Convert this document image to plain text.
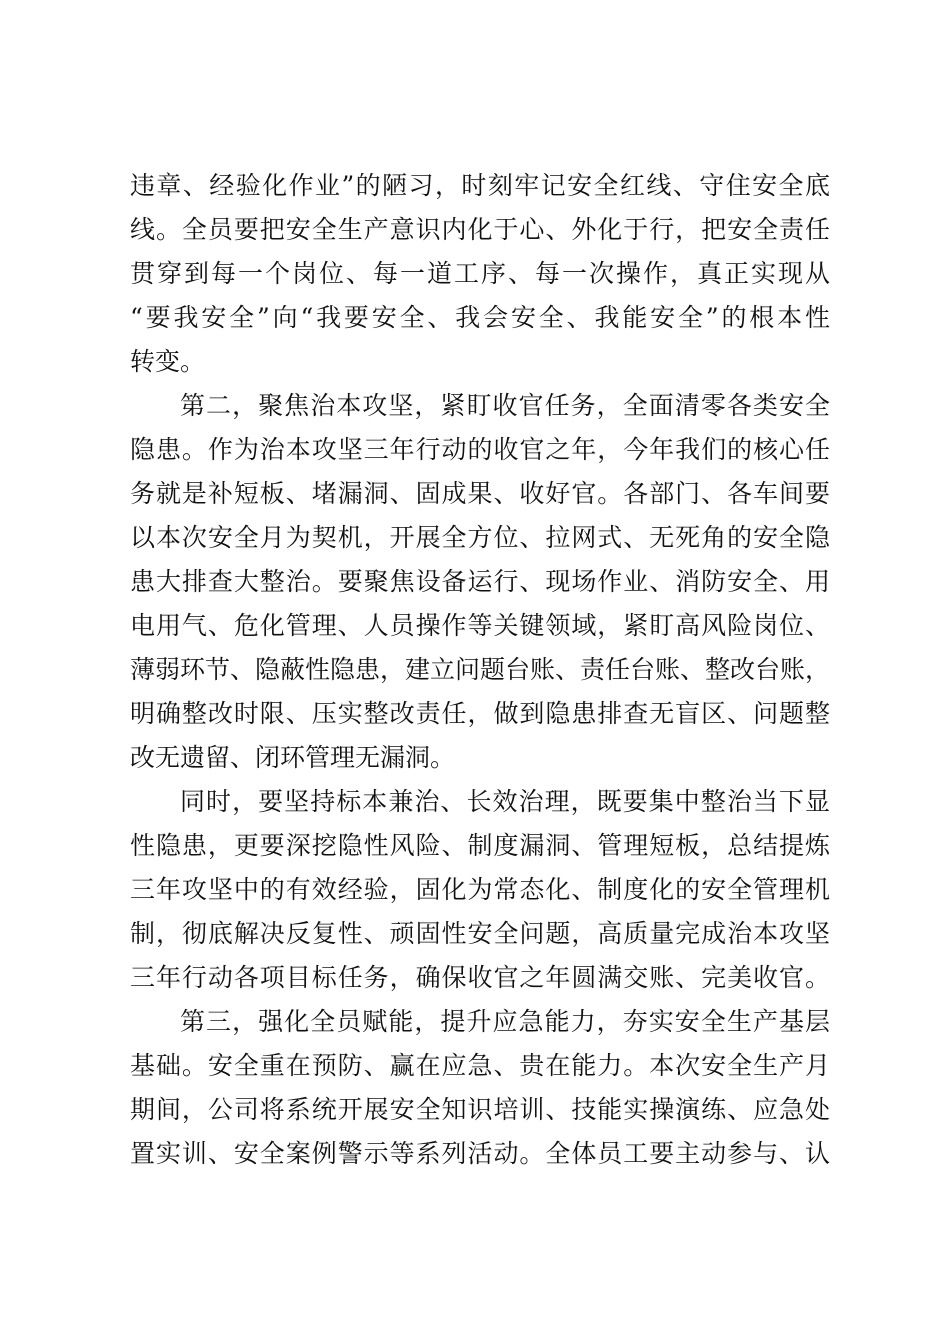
违章、经验化作业”的陋习，时刻牢记安全红线、守住安全底
线。全员要把安全生产意识内化于心、外化于行，把安全责任
贯穿到每一个岗位、每一道工序、每一次操作，真正实现从
“要我安全”向“我要安全、我会安全、我能安全”的根本性
转变。
第二，聚焦治本攻坚，紧盯收官任务，全面清零各类安全
隐患。作为治本攻坚三年行动的收官之年，今年我们的核心任
务就是补短板、堵漏洞、固成果、收好官。各部门、各车间要
以本次安全月为契机，开展全方位、拉网式、无死角的安全隐
患大排查大整治。要聚焦设备运行、现场作业、消防安全、用
电用气、危化管理、人员操作等关键领域，紧盯高风险岗位、
薄弱环节、隐蔽性隐患，建立问题台账、责任台账、整改台账，
明确整改时限、压实整改责任，做到隐患排查无盲区、问题整
改无遗留、闭环管理无漏洞。
同时，要坚持标本兼治、长效治理，既要集中整治当下显
性隐患，更要深挖隐性风险、制度漏洞、管理短板，总结提炼
三年攻坚中的有效经验，固化为常态化、制度化的安全管理机
制，彻底解决反复性、顽固性安全问题，高质量完成治本攻坚
三年行动各项目标任务，确保收官之年圆满交账、完美收官。
第三，强化全员赋能，提升应急能力，夯实安全生产基层
基础。安全重在预防、赢在应急、贵在能力。本次安全生产月
期间，公司将系统开展安全知识培训、技能实操演练、应急处
置实训、安全案例警示等系列活动。全体员工要主动参与、认
